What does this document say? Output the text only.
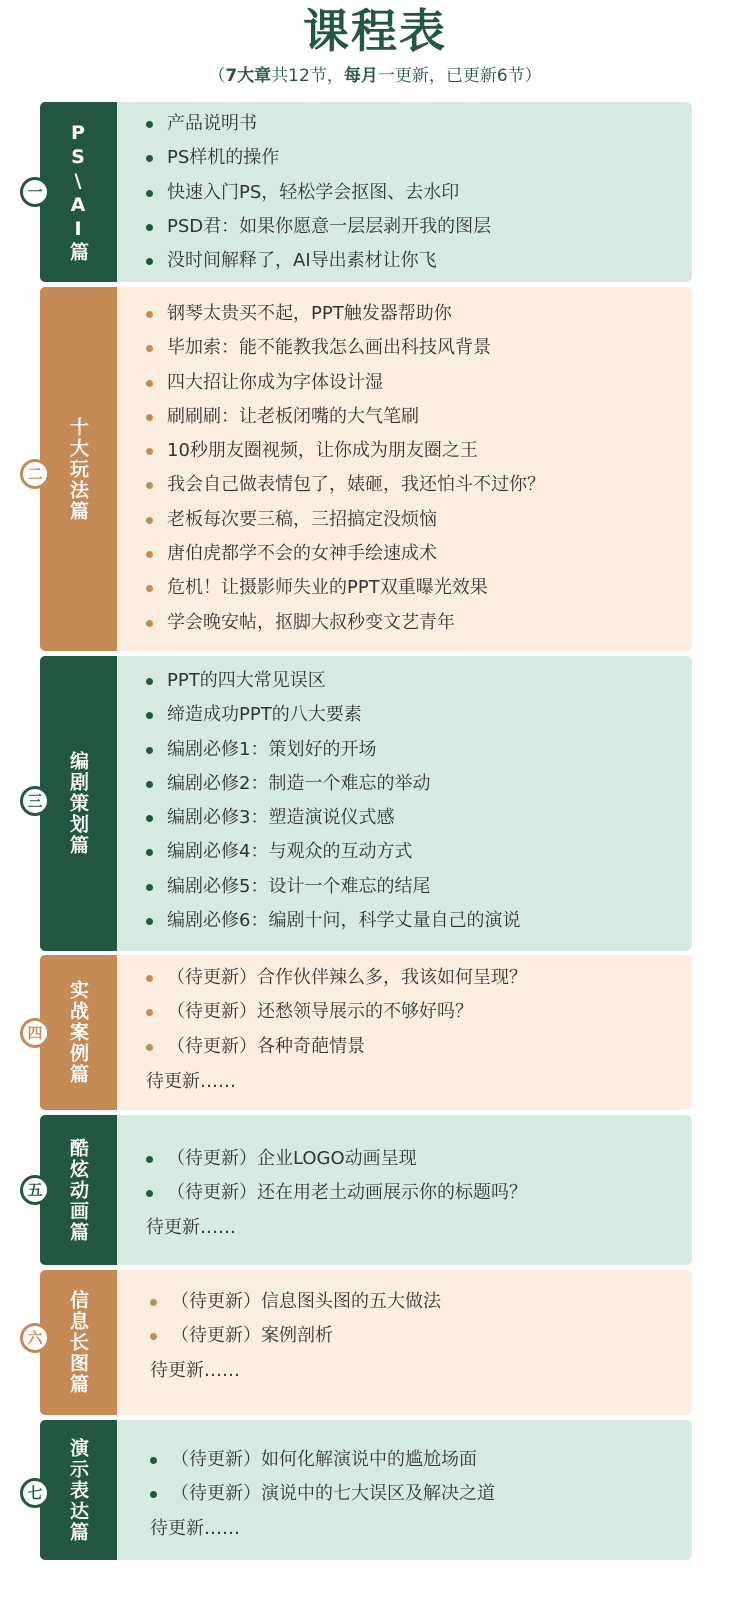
课程表
（7大章共12节，每月一更新，已更新6节）
PS\AI篇
一
产品说明书
PS样机的操作
快速入门PS，轻松学会抠图、去水印
PSD君：如果你愿意一层层剥开我的图层
没时间解释了，AI导出素材让你飞
十大玩法篇
二
钢琴太贵买不起，PPT触发器帮助你
毕加索：能不能教我怎么画出科技风背景
四大招让你成为字体设计湿
刷刷刷：让老板闭嘴的大气笔刷
10秒朋友圈视频，让你成为朋友圈之王
我会自己做表情包了，婊砸，我还怕斗不过你？
老板每次要三稿，三招搞定没烦恼
唐伯虎都学不会的女神手绘速成术
危机！让摄影师失业的PPT双重曝光效果
学会晚安帖，抠脚大叔秒变文艺青年
编剧策划篇
三
PPT的四大常见误区
缔造成功PPT的八大要素
编剧必修1：策划好的开场
编剧必修2：制造一个难忘的举动
编剧必修3：塑造演说仪式感
编剧必修4：与观众的互动方式
编剧必修5：设计一个难忘的结尾
编剧必修6：编剧十问，科学丈量自己的演说
实战案例篇
四
（待更新）合作伙伴辣么多，我该如何呈现？
（待更新）还愁领导展示的不够好吗？
（待更新）各种奇葩情景
待更新……
酷炫动画篇
五
（待更新）企业LOGO动画呈现
（待更新）还在用老土动画展示你的标题吗？
待更新……
信息长图篇
六
（待更新）信息图头图的五大做法
（待更新）案例剖析
待更新……
演示表达篇
七
（待更新）如何化解演说中的尴尬场面
（待更新）演说中的七大误区及解决之道
待更新……
